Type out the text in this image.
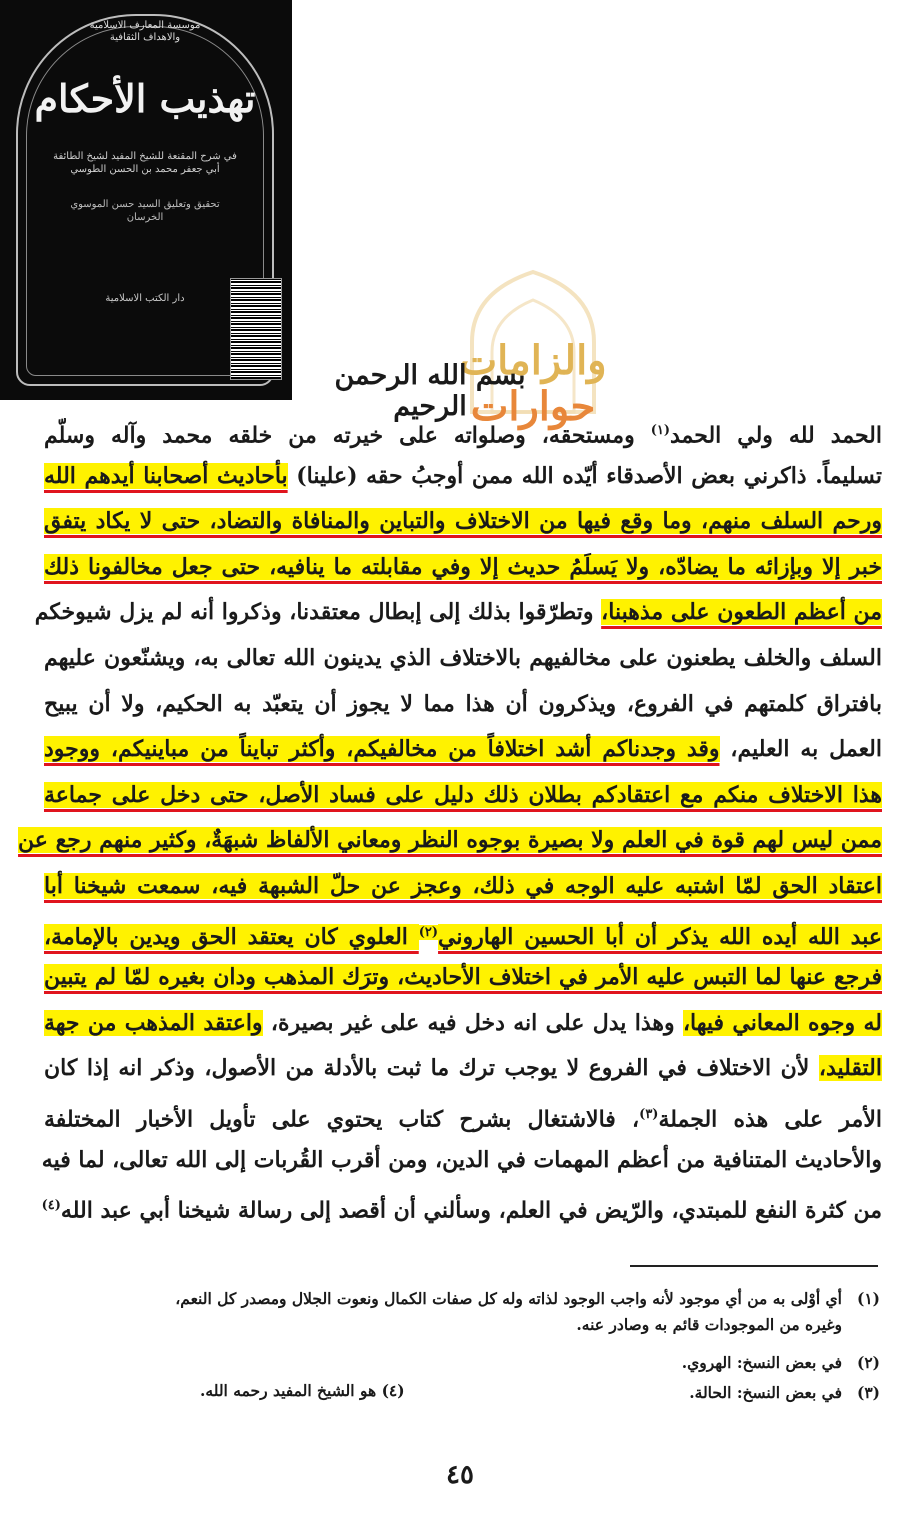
موسسة المعارف الاسلامية والاهداف الثقافية
تهذيب الأحكام
في شرح المقنعة للشيخ المفيد لشيخ الطائفة أبي جعفر محمد بن الحسن الطوسي
تحقيق وتعليق السيد حسن الموسوي الخرسان
دار الكتب الاسلامية
والزامات
حوارات
بسم الله الرحمن الرحيم
الحمد لله ولي الحمد$^{(١)}$ ومستحقه، وصلواته على خيرته من خلقه محمد وآله وسلّم
تسليماً. ذاكرني بعض الأصدقاء أيّده الله ممن أوجبُ حقه (علينا) بأحاديث أصحابنا أيدهم الله
ورحم السلف منهم، وما وقع فيها من الاختلاف والتباين والمنافاة والتضاد، حتى لا يكاد يتفق
خبر إلا وبإزائه ما يضادّه، ولا يَسلَمُ حديث إلا وفي مقابلته ما ينافيه، حتى جعل مخالفونا ذلك
من أعظم الطعون على مذهبنا، وتطرّقوا بذلك إلى إبطال معتقدنا، وذكروا أنه لم يزل شيوخكم
السلف والخلف يطعنون على مخالفيهم بالاختلاف الذي يدينون الله تعالى به، ويشنّعون عليهم
بافتراق كلمتهم في الفروع، ويذكرون أن هذا مما لا يجوز أن يتعبّد به الحكيم، ولا أن يبيح
العمل به العليم، وقد وجدناكم أشد اختلافاً من مخالفيكم، وأكثر تبايناً من مباينيكم، ووجود
هذا الاختلاف منكم مع اعتقادكم بطلان ذلك دليل على فساد الأصل، حتى دخل على جماعة
ممن ليس لهم قوة في العلم ولا بصيرة بوجوه النظر ومعاني الألفاظ شبهَةٌ، وكثير منهم رجع عن
اعتقاد الحق لمّا اشتبه عليه الوجه في ذلك، وعجز عن حلّ الشبهة فيه، سمعت شيخنا أبا
عبد الله أيده الله يذكر أن أبا الحسين الهاروني$^{(٢)}$ العلوي كان يعتقد الحق ويدين بالإمامة،
فرجع عنها لما التبس عليه الأمر في اختلاف الأحاديث، وترَك المذهب ودان بغيره لمّا لم يتبين
له وجوه المعاني فيها، وهذا يدل على انه دخل فيه على غير بصيرة، واعتقد المذهب من جهة
التقليد، لأن الاختلاف في الفروع لا يوجب ترك ما ثبت بالأدلة من الأصول، وذكر انه إذا كان
الأمر على هذه الجملة$^{(٣)}$، فالاشتغال بشرح كتاب يحتوي على تأويل الأخبار المختلفة
والأحاديث المتنافية من أعظم المهمات في الدين، ومن أقرب القُربات إلى الله تعالى، لما فيه
من كثرة النفع للمبتدي، والرّيض في العلم، وسألني أن أقصد إلى رسالة شيخنا أبي عبد الله$^{(٤)}$
(١)أي أوْلى به من أي موجود لأنه واجب الوجود لذاته وله كل صفات الكمال ونعوت الجلال ومصدر كل النعم،
وغيره من الموجودات قائم به وصادر عنه.
(٢)في بعض النسخ: الهروي.
(٣)في بعض النسخ: الحالة.
(٤) هو الشيخ المفيد رحمه الله.
٤٥
